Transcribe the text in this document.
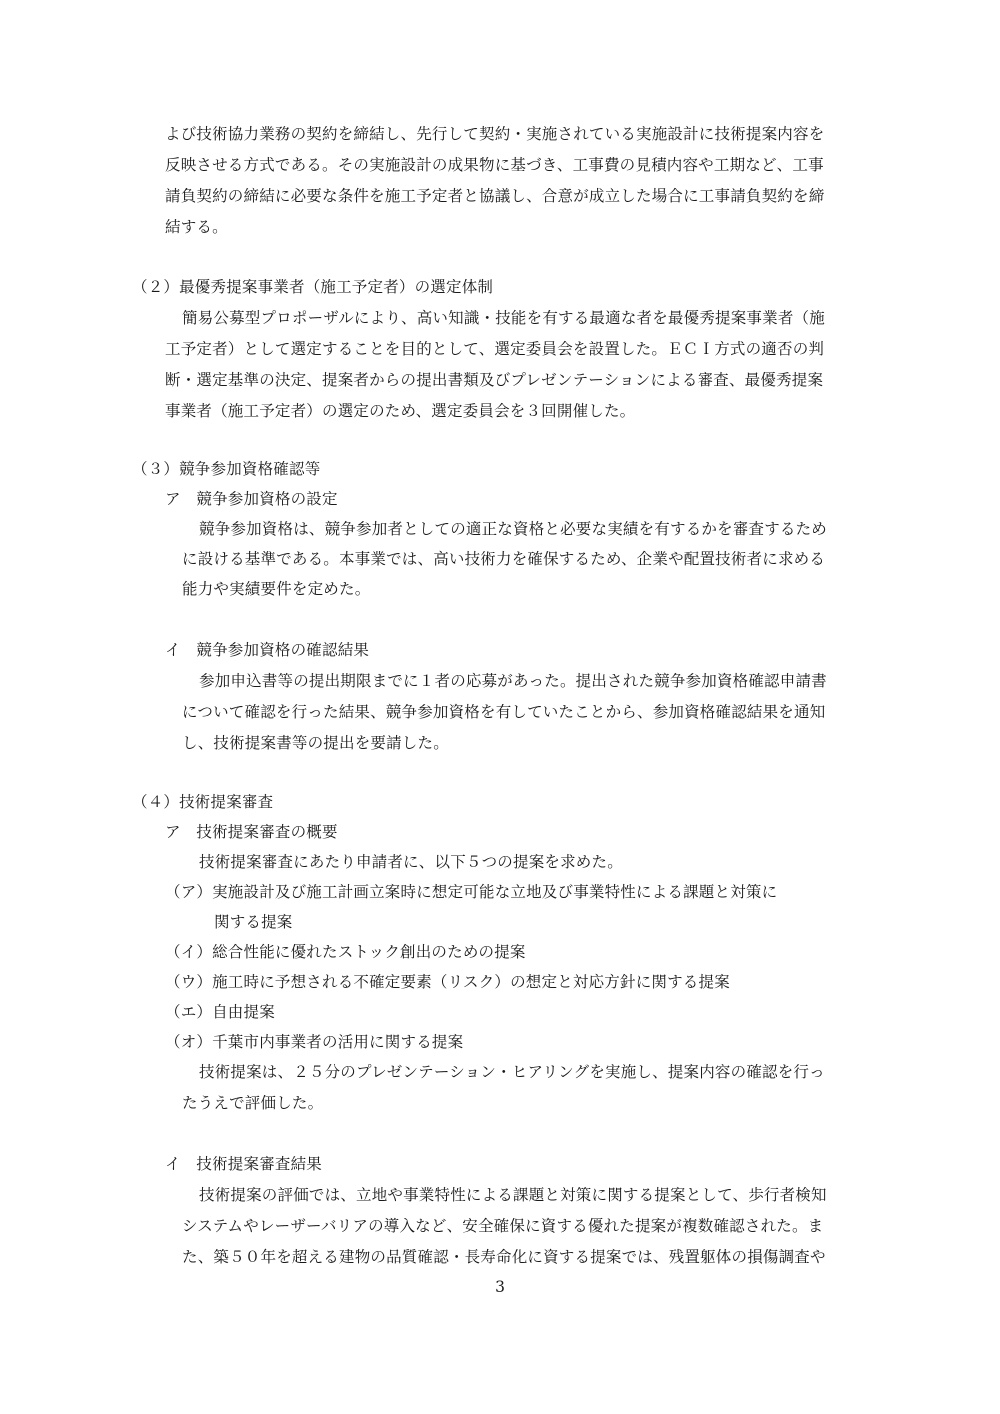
よび技術協力業務の契約を締結し、先行して契約・実施されている実施設計に技術提案内容を
反映させる方式である。その実施設計の成果物に基づき、工事費の見積内容や工期など、工事
請負契約の締結に必要な条件を施工予定者と協議し、合意が成立した場合に工事請負契約を締
結する。
（２）最優秀提案事業者（施工予定者）の選定体制
簡易公募型プロポーザルにより、高い知識・技能を有する最適な者を最優秀提案事業者（施
工予定者）として選定することを目的として、選定委員会を設置した。ＥＣＩ方式の適否の判
断・選定基準の決定、提案者からの提出書類及びプレゼンテーションによる審査、最優秀提案
事業者（施工予定者）の選定のため、選定委員会を３回開催した。
（３）競争参加資格確認等
ア　競争参加資格の設定
競争参加資格は、競争参加者としての適正な資格と必要な実績を有するかを審査するため
に設ける基準である。本事業では、高い技術力を確保するため、企業や配置技術者に求める
能力や実績要件を定めた。
イ　競争参加資格の確認結果
参加申込書等の提出期限までに１者の応募があった。提出された競争参加資格確認申請書
について確認を行った結果、競争参加資格を有していたことから、参加資格確認結果を通知
し、技術提案書等の提出を要請した。
（４）技術提案審査
ア　技術提案審査の概要
技術提案審査にあたり申請者に、以下５つの提案を求めた。
（ア）実施設計及び施工計画立案時に想定可能な立地及び事業特性による課題と対策に
関する提案
（イ）総合性能に優れたストック創出のための提案
（ウ）施工時に予想される不確定要素（リスク）の想定と対応方針に関する提案
（エ）自由提案
（オ）千葉市内事業者の活用に関する提案
技術提案は、２５分のプレゼンテーション・ヒアリングを実施し、提案内容の確認を行っ
たうえで評価した。
イ　技術提案審査結果
技術提案の評価では、立地や事業特性による課題と対策に関する提案として、歩行者検知
システムやレーザーバリアの導入など、安全確保に資する優れた提案が複数確認された。ま
た、築５０年を超える建物の品質確認・長寿命化に資する提案では、残置躯体の損傷調査や
3
